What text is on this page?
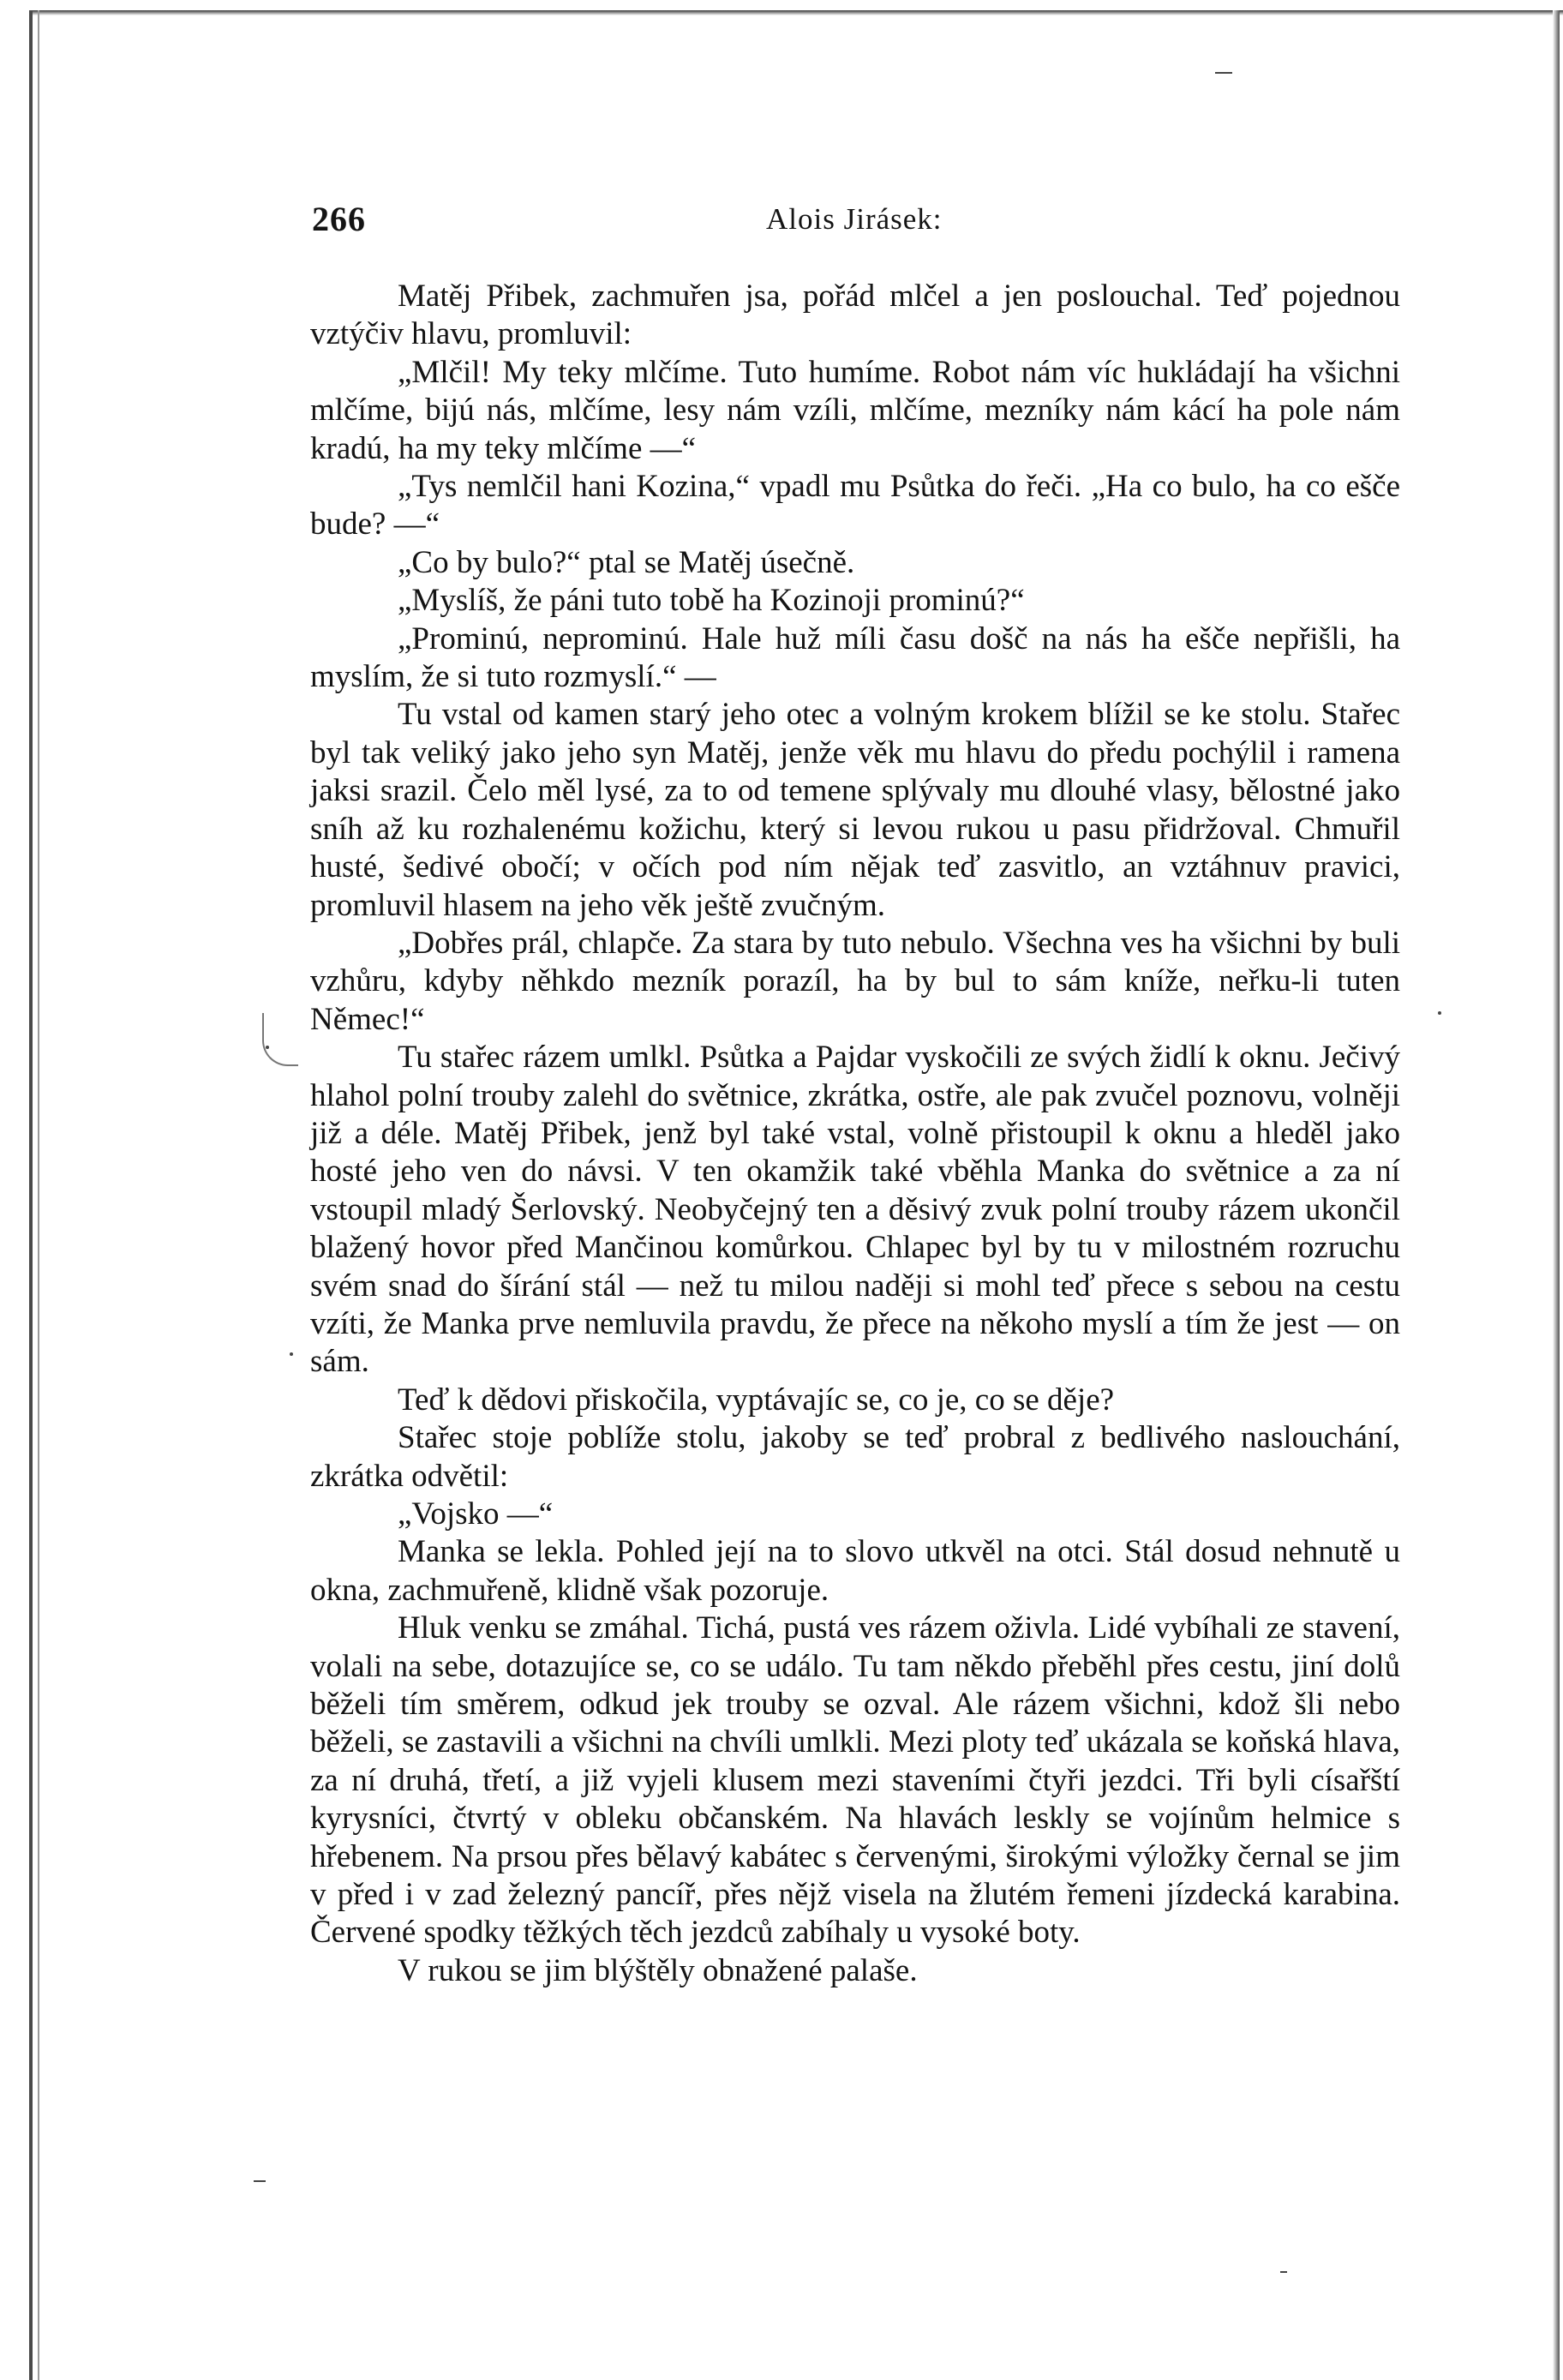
266	Alois Jirásek:

Matěj Přibek, zachmuřen jsa, pořád mlčel a jen poslouchal. Teď pojednou vztýčiv hlavu, promluvil:

„Mlčil! My teky mlčíme. Tuto humíme. Robot nám víc hukládají ha všichni mlčíme, bijú nás, mlčíme, lesy nám vzíli, mlčíme, mezníky nám kácí ha pole nám kradú, ha my teky mlčíme —“

„Tys nemlčil hani Kozina,“ vpadl mu Psůtka do řeči. „Ha co bulo, ha co ešče bude? —“

„Co by bulo?“ ptal se Matěj úsečně.

„Myslíš, že páni tuto tobě ha Kozinoji prominú?“

„Prominú, neprominú. Hale huž míli času došč na nás ha ešče nepřišli, ha myslím, že si tuto rozmyslí.“ —

Tu vstal od kamen starý jeho otec a volným krokem blížil se ke stolu. Stařec byl tak veliký jako jeho syn Matěj, jenže věk mu hlavu do předu pochýlil i ramena jaksi srazil. Čelo měl lysé, za to od temene splývaly mu dlouhé vlasy, bělostné jako sníh až ku rozhalenému kožichu, který si levou rukou u pasu přidržoval. Chmuřil husté, šedivé obočí; v očích pod ním nějak teď zasvitlo, an vztáhnuv pravici, promluvil hlasem na jeho věk ještě zvučným.

„Dobřes prál, chlapče. Za stara by tuto nebulo. Všechna ves ha všichni by buli vzhůru, kdyby něhkdo mezník porazíl, ha by bul to sám kníže, neřku-li tuten Němec!“

Tu stařec rázem umlkl. Psůtka a Pajdar vyskočili ze svých židlí k oknu. Ječivý hlahol polní trouby zalehl do světnice, zkrátka, ostře, ale pak zvučel poznovu, volněji již a déle. Matěj Přibek, jenž byl také vstal, volně přistoupil k oknu a hleděl jako hosté jeho ven do návsi. V ten okamžik také vběhla Manka do světnice a za ní vstoupil mladý Šerlovský. Neobyčejný ten a děsivý zvuk polní trouby rázem ukončil blažený hovor před Mančinou komůrkou. Chlapec byl by tu v milostném rozruchu svém snad do šírání stál — než tu milou naději si mohl teď přece s sebou na cestu vzíti, že Manka prve nemluvila pravdu, že přece na někoho myslí a tím že jest — on sám.

Teď k dědovi přiskočila, vyptávajíc se, co je, co se děje?

Stařec stoje poblíže stolu, jakoby se teď probral z bedlivého naslouchání, zkrátka odvětil:

„Vojsko —“

Manka se lekla. Pohled její na to slovo utkvěl na otci. Stál dosud nehnutě u okna, zachmuřeně, klidně však pozoruje.

Hluk venku se zmáhal. Tichá, pustá ves rázem oživla. Lidé vybíhali ze stavení, volali na sebe, dotazujíce se, co se událo. Tu tam někdo přeběhl přes cestu, jiní dolů běželi tím směrem, odkud jek trouby se ozval. Ale rázem všichni, kdož šli nebo běželi, se zastavili a všichni na chvíli umlkli. Mezi ploty teď ukázala se koňská hlava, za ní druhá, třetí, a již vyjeli klusem mezi staveními čtyři jezdci. Tři byli císařští kyrysníci, čtvrtý v obleku občanském. Na hlavách leskly se vojínům helmice s hřebenem. Na prsou přes bělavý kabátec s červenými, širokými výložky černal se jim v před i v zad železný pancíř, přes nějž visela na žlutém řemeni jízdecká karabina. Červené spodky těžkých těch jezdců zabíhaly u vysoké boty.

V rukou se jim blýštěly obnažené palaše.
